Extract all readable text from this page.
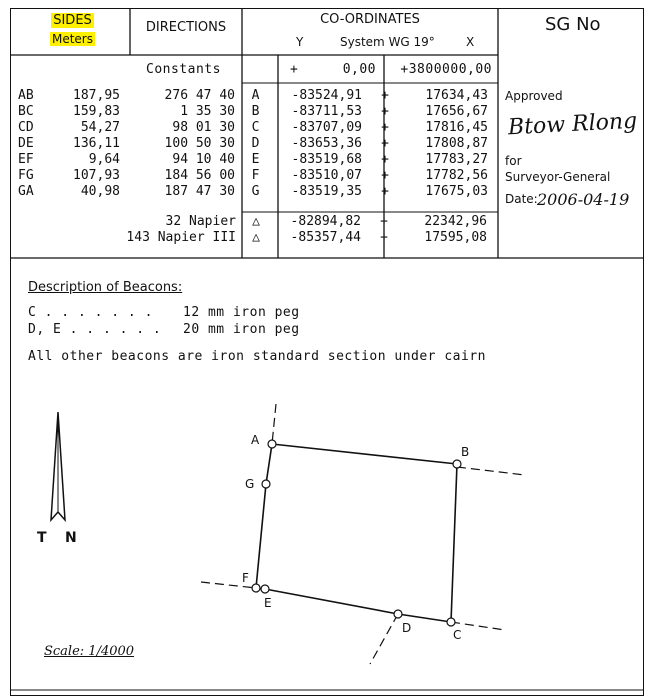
SIDES
Meters
DIRECTIONS
CO-ORDINATES
Y	System WG 19°	X
SG No
Constants	+	0,00	+3800000,00
AB	187,95	276 47 40	A	-83524,91	+	17634,43
BC	159,83	1 35 30	B	-83711,53	+	17656,67
CD	54,27	98 01 30	C	-83707,09	+	17816,45
DE	136,11	100 50 30	D	-83653,36	+	17808,87
EF	9,64	94 10 40	E	-83519,68	+	17783,27
FG	107,93	184 56 00	F	-83510,07	+	17782,56
GA	40,98	187 47 30	G	-83519,35	+	17675,03
32 Napier	△	-82894,82	+	22342,96
143 Napier III	△	-85357,44	+	17595,08
Approved
Btow Rlong
for
Surveyor-General
Date: 2006-04-19
Description of Beacons:
C . . . . . . . 12 mm iron peg
D, E . . . . . . 20 mm iron peg
All other beacons are iron standard section under cairn
T N
A
B
C
D
E
F
G
Scale: 1/4000
